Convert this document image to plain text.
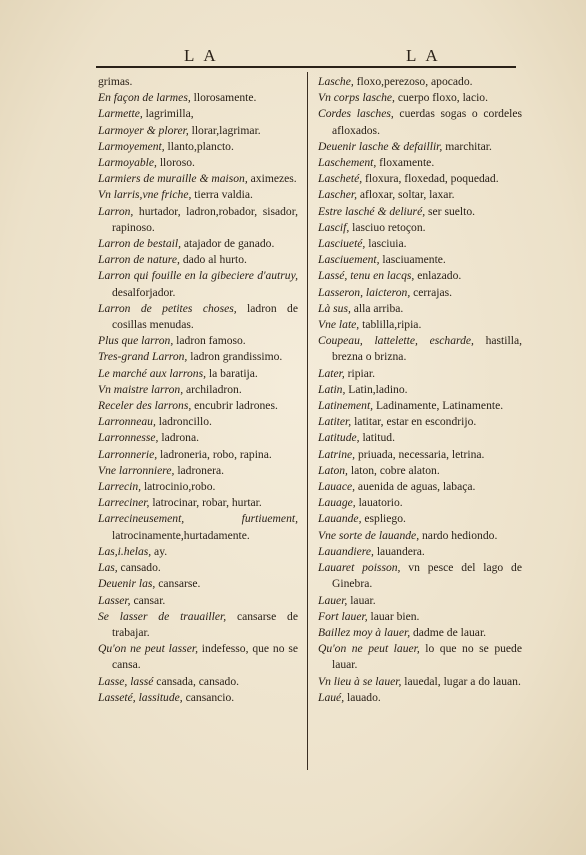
LA	LA

grimas.

En façon de larmes, llorosamente.

Larmette, lagrimilla,

Larmoyer & plorer, llorar,lagrimar.

Larmoyement, llanto,plancto.

Larmoyable, lloroso.

Larmiers de muraille & maison, aximezes.

Vn larris,vne friche, tierra valdia.

Larron, hurtador, ladron,robador, sisador, rapinoso.

Larron de bestail, atajador de ganado.

Larron de nature, dado al hurto.

Larron qui fouille en la gibeciere d'autruy, desalforjador.

Larron de petites choses, ladron de cosillas menudas.

Plus que larron, ladron famoso.

Tres-grand Larron, ladron grandissimo.

Le marché aux larrons, la baratija.

Vn maistre larron, archiladron.

Receler des larrons, encubrir ladrones.

Larronneau, ladroncillo.

Larronnesse, ladrona.

Larronnerie, ladroneria, robo, rapina.

Vne larronniere, ladronera.

Larrecin, latrocinio,robo.

Larreciner, latrocinar, robar, hurtar.

Larrecineusement, furtiuement, latrocinamente,hurtadamente.

Las,i.helas, ay.

Las, cansado.

Deuenir las, cansarse.

Lasser, cansar.

Se lasser de trauailler, cansarse de trabajar.

Qu'on ne peut lasser, indefesso, que no se cansa.

Lasse, lassé cansada, cansado.

Lasseté, lassitude, cansancio.

Lasche, floxo,perezoso, apocado.

Vn corps lasche, cuerpo floxo, lacio.

Cordes lasches, cuerdas sogas o cordeles afloxados.

Deuenir lasche & defaillir, marchitar.

Laschement, floxamente.

Lascheté, floxura, floxedad, poquedad.

Lascher, afloxar, soltar, laxar.

Estre lasché & deliuré, ser suelto.

Lascif, lasciuo retoçon.

Lasciueté, lasciuia.

Lasciuement, lasciuamente.

Lassé, tenu en lacqs, enlazado.

Lasseron, laicteron, cerrajas.

Là sus, alla arriba.

Vne late, tablilla,ripia.

Coupeau, lattelette, escharde, hastilla, brezna o brizna.

Later, ripiar.

Latin, Latin,ladino.

Latinement, Ladinamente, Latinamente.

Latiter, latitar, estar en escondrijo.

Latitude, latitud.

Latrine, priuada, necessaria, letrina.

Laton, laton, cobre alaton.

Lauace, auenida de aguas, labaça.

Lauage, lauatorio.

Lauande, espliego.

Vne sorte de lauande, nardo hediondo.

Lauandiere, lauandera.

Lauaret poisson, vn pesce del lago de Ginebra.

Lauer, lauar.

Fort lauer, lauar bien.

Baillez moy à lauer, dadme de lauar.

Qu'on ne peut lauer, lo que no se puede lauar.

Vn lieu à se lauer, lauedal, lugar a do lauan.

Laué, lauado.
